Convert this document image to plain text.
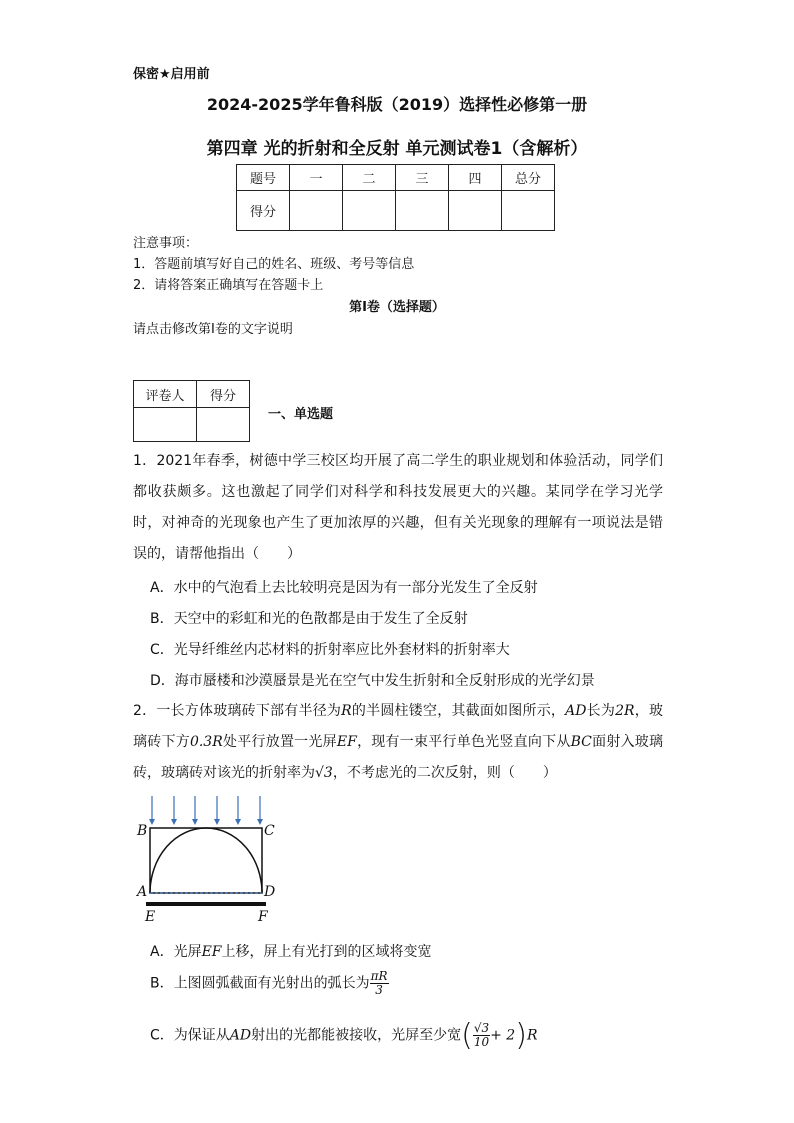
保密★启用前
2024-2025学年鲁科版（2019）选择性必修第一册
第四章 光的折射和全反射 单元测试卷1（含解析）
题号	一	二	三	四	总分
得分					
注意事项：
1．答题前填写好自己的姓名、班级、考号等信息
2．请将答案正确填写在答题卡上
第I卷（选择题）
请点击修改第I卷的文字说明
评卷人	得分

一、单选题
1．2021年春季，树德中学三校区均开展了高二学生的职业规划和体验活动，同学们都收获颇多。这也激起了同学们对科学和科技发展更大的兴趣。某同学在学习光学时，对神奇的光现象也产生了更加浓厚的兴趣，但有关光现象的理解有一项说法是错误的，请帮他指出（　　）
A．水中的气泡看上去比较明亮是因为有一部分光发生了全反射
B．天空中的彩虹和光的色散都是由于发生了全反射
C．光导纤维丝内芯材料的折射率应比外套材料的折射率大
D．海市蜃楼和沙漠蜃景是光在空气中发生折射和全反射形成的光学幻景
2．一长方体玻璃砖下部有半径为R的半圆柱镂空，其截面如图所示，AD长为2R，玻璃砖下方0.3R处平行放置一光屏EF，现有一束平行单色光竖直向下从BC面射入玻璃砖，玻璃砖对该光的折射率为√3，不考虑光的二次反射，则（　　）
B	C
A	D
E	F
A．光屏EF上移，屏上有光打到的区域将变宽
B．上图圆弧截面有光射出的弧长为 $\frac{\pi R}{3}$
C．为保证从AD射出的光都能被接收，光屏至少宽( $\frac{√3}{10} + 2)R$
